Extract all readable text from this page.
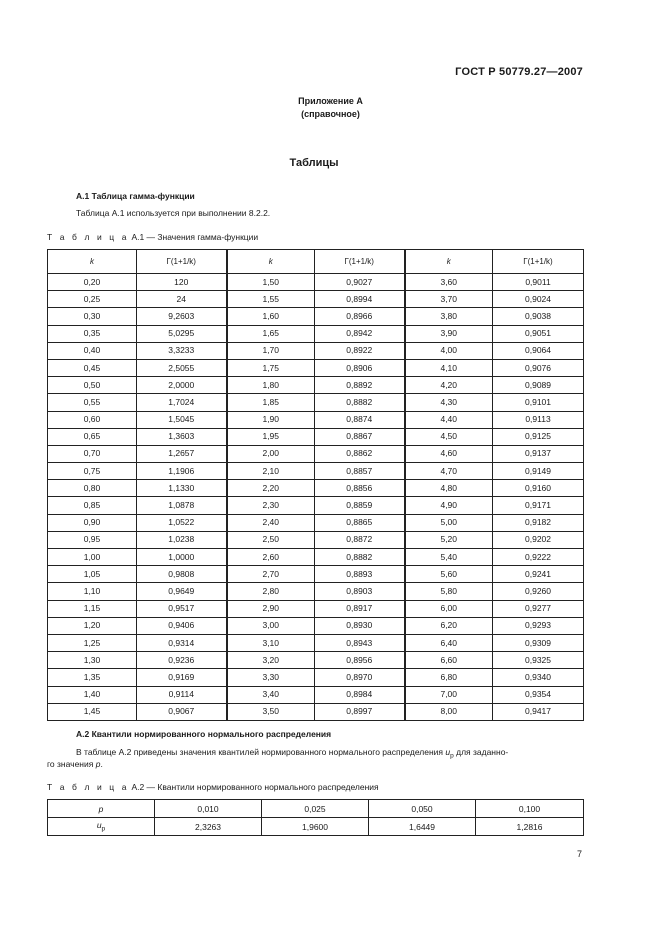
ГОСТ Р 50779.27—2007
Приложение А
(справочное)
Таблицы
А.1 Таблица гамма-функции
Таблица А.1 используется при выполнении 8.2.2.
Т а б л и ц а А.1 — Значения гамма-функции
k	Г(1+1/k)	k	Г(1+1/k)	k	Г(1+1/k)
0,20	120	1,50	0,9027	3,60	0,9011
0,25	24	1,55	0,8994	3,70	0,9024
0,30	9,2603	1,60	0,8966	3,80	0,9038
0,35	5,0295	1,65	0,8942	3,90	0,9051
0,40	3,3233	1,70	0,8922	4,00	0,9064
0,45	2,5055	1,75	0,8906	4,10	0,9076
0,50	2,0000	1,80	0,8892	4,20	0,9089
0,55	1,7024	1,85	0,8882	4,30	0,9101
0,60	1,5045	1,90	0,8874	4,40	0,9113
0,65	1,3603	1,95	0,8867	4,50	0,9125
0,70	1,2657	2,00	0,8862	4,60	0,9137
0,75	1,1906	2,10	0,8857	4,70	0,9149
0,80	1,1330	2,20	0,8856	4,80	0,9160
0,85	1,0878	2,30	0,8859	4,90	0,9171
0,90	1,0522	2,40	0,8865	5,00	0,9182
0,95	1,0238	2,50	0,8872	5,20	0,9202
1,00	1,0000	2,60	0,8882	5,40	0,9222
1,05	0,9808	2,70	0,8893	5,60	0,9241
1,10	0,9649	2,80	0,8903	5,80	0,9260
1,15	0,9517	2,90	0,8917	6,00	0,9277
1,20	0,9406	3,00	0,8930	6,20	0,9293
1,25	0,9314	3,10	0,8943	6,40	0,9309
1,30	0,9236	3,20	0,8956	6,60	0,9325
1,35	0,9169	3,30	0,8970	6,80	0,9340
1,40	0,9114	3,40	0,8984	7,00	0,9354
1,45	0,9067	3,50	0,8997	8,00	0,9417
А.2 Квантили нормированного нормального распределения
В таблице А.2 приведены значения квантилей нормированного нормального распределения $u_p$ для заданно-
го значения p.
Т а б л и ц а А.2 — Квантили нормированного нормального распределения
p	0,010	0,025	0,050	0,100
$u_p$	2,3263	1,9600	1,6449	1,2816
7
